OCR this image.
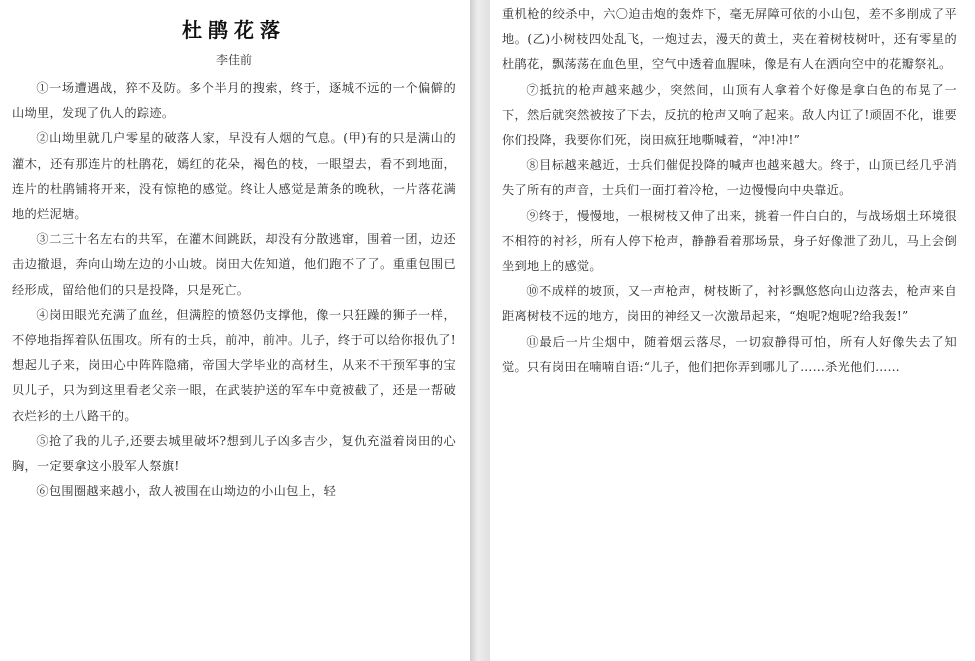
杜鹃花落
李佳前

①一场遭遇战，猝不及防。多个半月的搜索，终于，逐城不远的一个偏僻的山坳里，发现了仇人的踪迹。

②山坳里就几户零星的破落人家，早没有人烟的气息。(甲)有的只是满山的灌木，还有那连片的杜鹃花，嫣红的花朵，褐色的枝，一眼望去，看不到地面，连片的杜鹃铺将开来，没有惊艳的感觉。终让人感觉是萧条的晚秋，一片落花满地的烂泥塘。

③二三十名左右的共军，在灌木间跳跃，却没有分散逃窜，围着一团，边还击边撤退，奔向山坳左边的小山坡。岗田大佐知道，他们跑不了了。重重包围已经形成，留给他们的只是投降，只是死亡。

④岗田眼光充满了血丝，但满腔的愤怒仍支撑他，像一只狂躁的狮子一样，不停地指挥着队伍围攻。所有的士兵，前冲，前冲。儿子，终于可以给你报仇了!想起儿子来，岗田心中阵阵隐痛，帝国大学毕业的高材生，从来不干预军事的宝贝儿子，只为到这里看老父亲一眼，在武装护送的军车中竟被截了，还是一帮破衣烂衫的土八路干的。

⑤抢了我的儿子,还要去城里破坏?想到儿子凶多吉少，复仇充溢着岗田的心胸，一定要拿这小股军人祭旗!

⑥包围圈越来越小，敌人被围在山坳边的小山包上，轻

重机枪的绞杀中，六〇迫击炮的轰炸下，毫无屏障可依的小山包，差不多削成了平地。(乙)小树枝四处乱飞，一炮过去，漫天的黄土，夹在着树枝树叶，还有零星的杜鹃花，飘荡荡在血色里，空气中透着血腥味，像是有人在洒向空中的花瓣祭礼。

⑦抵抗的枪声越来越少，突然间，山顶有人拿着个好像是拿白色的布晃了一下，然后就突然被按了下去，反抗的枪声又响了起来。敌人内讧了!顽固不化，谁要你们投降，我要你们死，岗田疯狂地嘶喊着，“冲!冲!”

⑧目标越来越近，士兵们催促投降的喊声也越来越大。终于，山顶已经几乎消失了所有的声音，士兵们一面打着冷枪，一边慢慢向中央靠近。

⑨终于，慢慢地，一根树枝又伸了出来，挑着一件白白的，与战场烟土环境很不相符的衬衫，所有人停下枪声，静静看着那场景，身子好像泄了劲儿，马上会倒坐到地上的感觉。

⑩不成样的坡顶，又一声枪声，树枝断了，衬衫飘悠悠向山边落去，枪声来自距离树枝不远的地方，岗田的神经又一次激昂起来，“炮呢?炮呢?给我轰!”

⑪最后一片尘烟中，随着烟云落尽，一切寂静得可怕，所有人好像失去了知觉。只有岗田在喃喃自语:“儿子，他们把你弄到哪儿了……杀光他们……
